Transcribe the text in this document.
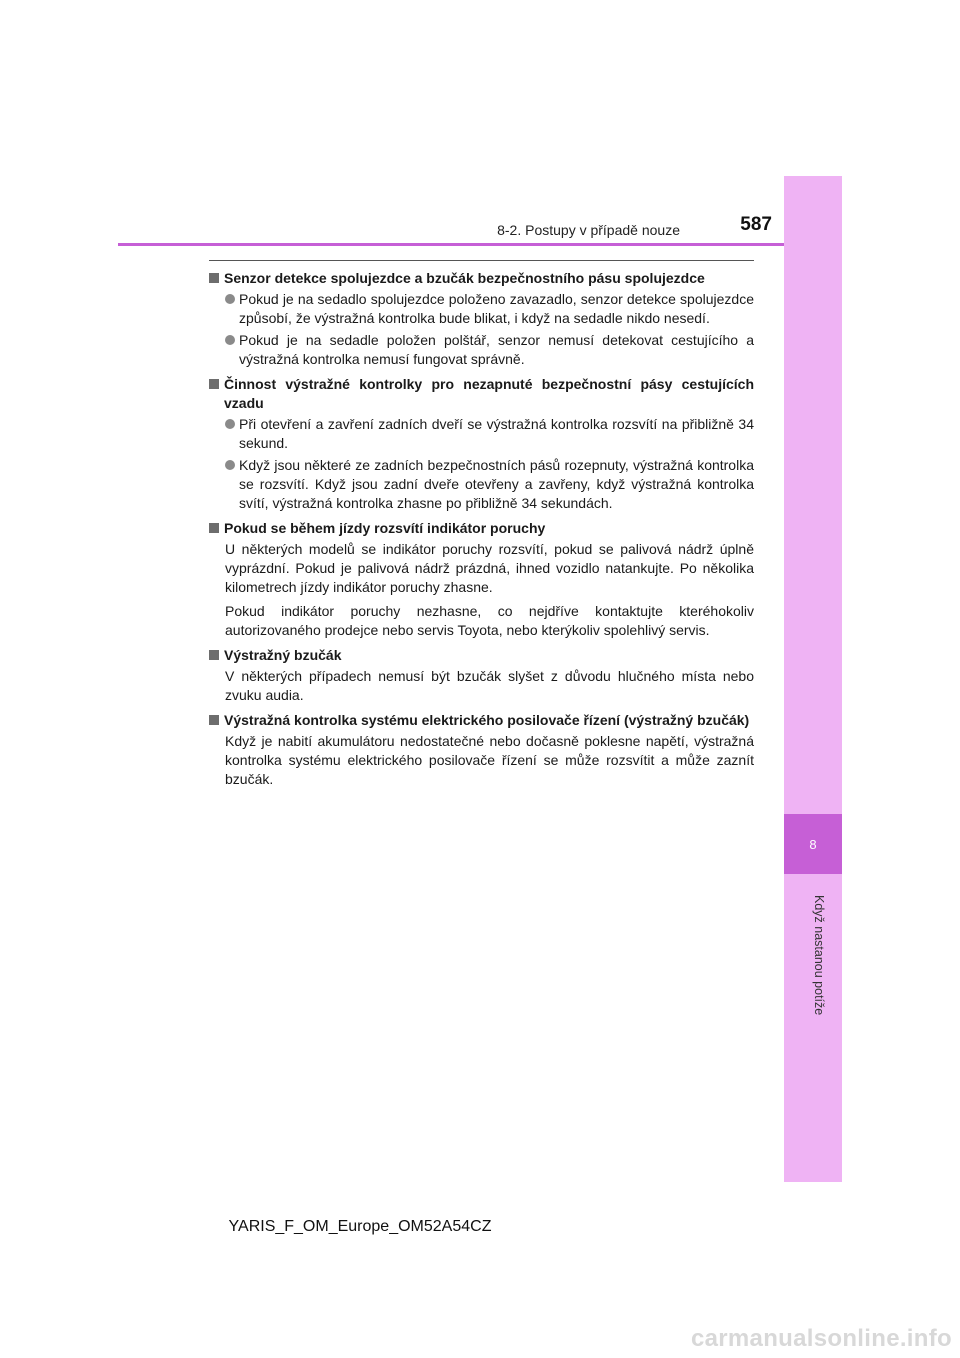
8
Když nastanou potíže
8-2. Postupy v případě nouze	587
Senzor detekce spolujezdce a bzučák bezpečnostního pásu spolujezdce
Pokud je na sedadlo spolujezdce položeno zavazadlo, senzor detekce spolujezdce způsobí, že výstražná kontrolka bude blikat, i když na sedadle nikdo nesedí.
Pokud je na sedadle položen polštář, senzor nemusí detekovat cestujícího a výstražná kontrolka nemusí fungovat správně.
Činnost výstražné kontrolky pro nezapnuté bezpečnostní pásy cestujících vzadu
Při otevření a zavření zadních dveří se výstražná kontrolka rozsvítí na přibližně 34 sekund.
Když jsou některé ze zadních bezpečnostních pásů rozepnuty, výstražná kontrolka se rozsvítí. Když jsou zadní dveře otevřeny a zavřeny, když výstražná kontrolka svítí, výstražná kontrolka zhasne po přibližně 34 sekundách.
Pokud se během jízdy rozsvítí indikátor poruchy
U některých modelů se indikátor poruchy rozsvítí, pokud se palivová nádrž úplně vyprázdní. Pokud je palivová nádrž prázdná, ihned vozidlo natankujte. Po několika kilometrech jízdy indikátor poruchy zhasne.
Pokud indikátor poruchy nezhasne, co nejdříve kontaktujte kteréhokoliv autorizovaného prodejce nebo servis Toyota, nebo kterýkoliv spolehlivý servis.
Výstražný bzučák
V některých případech nemusí být bzučák slyšet z důvodu hlučného místa nebo zvuku audia.
Výstražná kontrolka systému elektrického posilovače řízení (výstražný bzučák)
Když je nabití akumulátoru nedostatečné nebo dočasně poklesne napětí, výstražná kontrolka systému elektrického posilovače řízení se může rozsvítit a může zaznít bzučák.
YARIS_F_OM_Europe_OM52A54CZ
carmanualsonline.info
